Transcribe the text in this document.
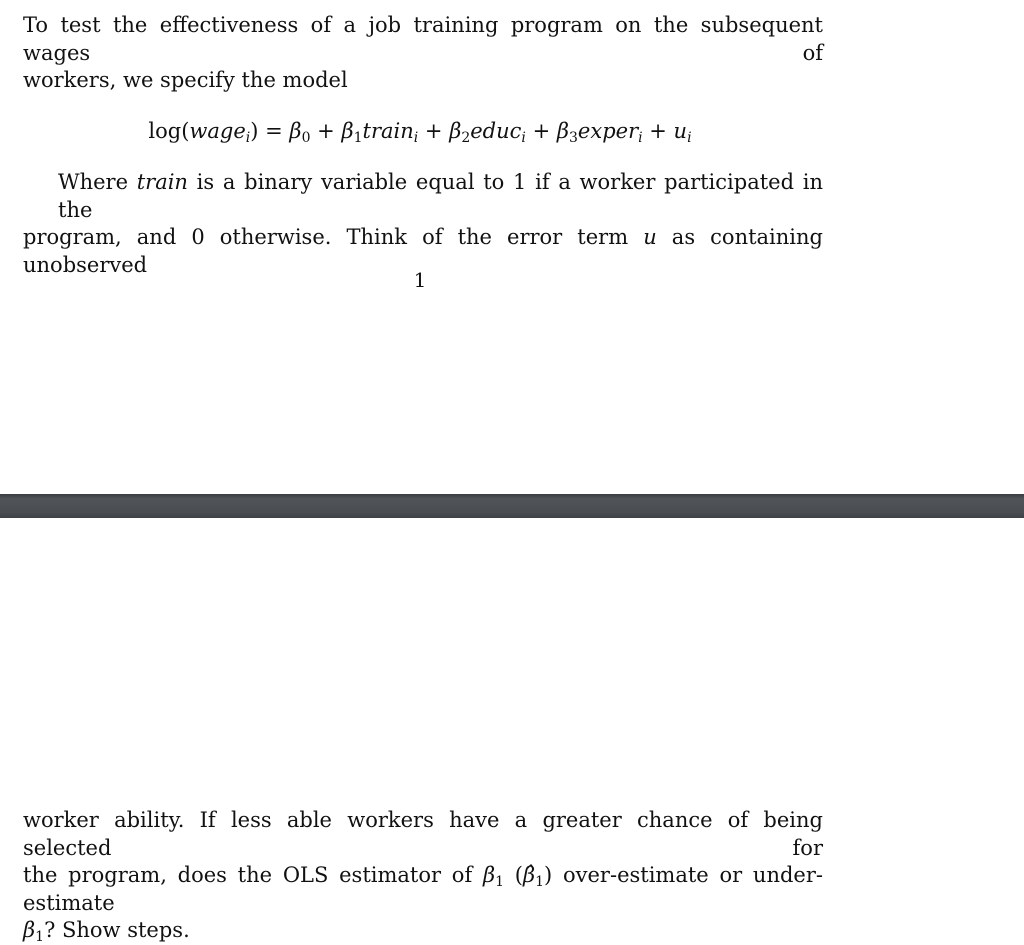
To test the effectiveness of a job training program on the subsequent wages of
workers, we specify the model

log(wage$_i$) = $\beta_0$ + $\beta_1train_i$ + $\beta_2educ_i$ + $\beta_3exper_i + u_i$

Where train is a binary variable equal to 1 if a worker participated in the
program, and 0 otherwise. Think of the error term u as containing unobserved

1

worker ability. If less able workers have a greater chance of being selected for
the program, does the OLS estimator of $\beta_1$ $(\betâ_1)$ over-estimate or under-estimate
$\beta_1$? Show steps.
